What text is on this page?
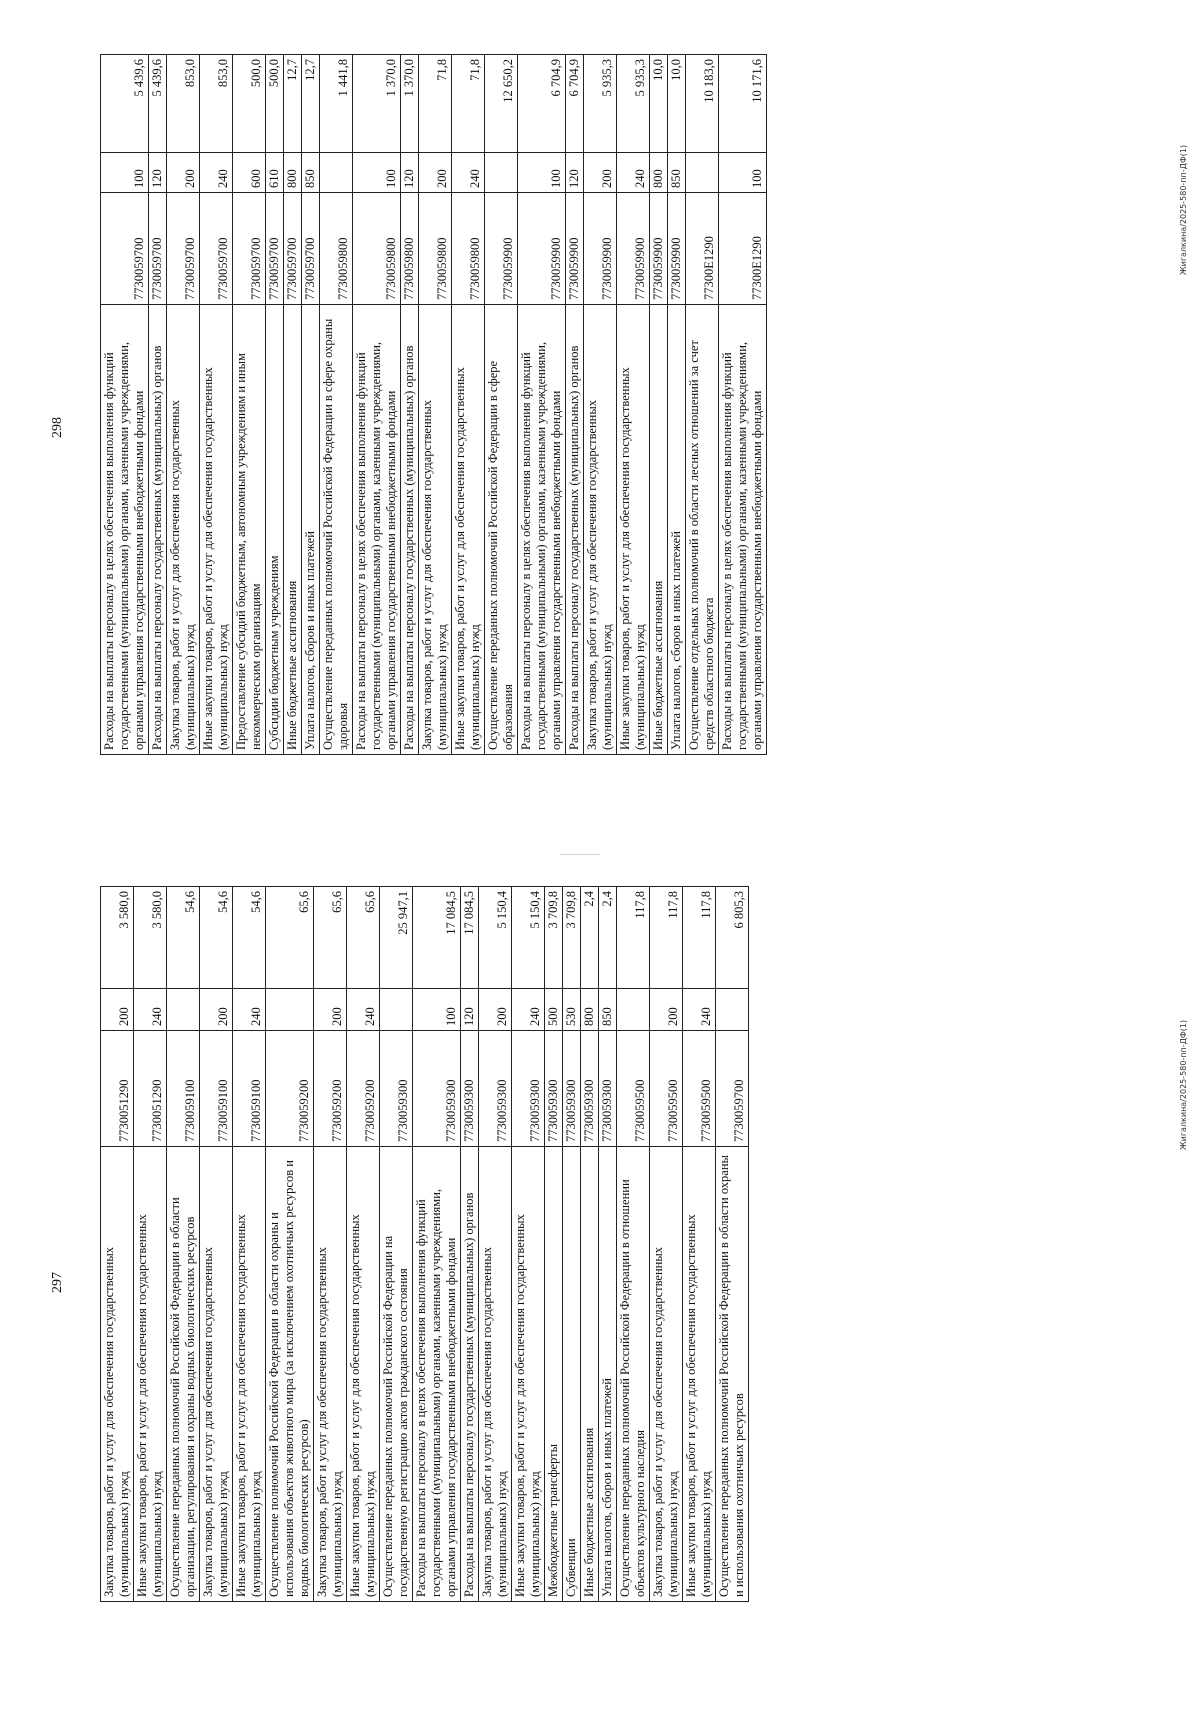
297	Закупка товаров, работ и услуг для обеспечения государственных (муниципальных) нужд	7730051290	200	3 580,0
Иные закупки товаров, работ и услуг для обеспечения государственных (муниципальных) нужд	7730051290	240	3 580,0
Осуществление переданных полномочий Российской Федерации в области организации, регулирования и охраны водных биологических ресурсов	7730059100		54,6
Закупка товаров, работ и услуг для обеспечения государственных (муниципальных) нужд	7730059100	200	54,6
Иные закупки товаров, работ и услуг для обеспечения государственных (муниципальных) нужд	7730059100	240	54,6
Осуществление полномочий Российской Федерации в области охраны и использования объектов животного мира (за исключением охотничьих ресурсов и водных биологических ресурсов)	7730059200		65,6
Закупка товаров, работ и услуг для обеспечения государственных (муниципальных) нужд	7730059200	200	65,6
Иные закупки товаров, работ и услуг для обеспечения государственных (муниципальных) нужд	7730059200	240	65,6
Осуществление переданных полномочий Российской Федерации на государственную регистрацию актов гражданского состояния	7730059300		25 947,1
Расходы на выплаты персоналу в целях обеспечения выполнения функций государственными (муниципальными) органами, казенными учреждениями, органами управления государственными внебюджетными фондами	7730059300	100	17 084,5
Расходы на выплаты персоналу государственных (муниципальных) органов	7730059300	120	17 084,5
Закупка товаров, работ и услуг для обеспечения государственных (муниципальных) нужд	7730059300	200	5 150,4
Иные закупки товаров, работ и услуг для обеспечения государственных (муниципальных) нужд	7730059300	240	5 150,4
Межбюджетные трансферты	7730059300	500	3 709,8
Субвенции	7730059300	530	3 709,8
Иные бюджетные ассигнования	7730059300	800	2,4
Уплата налогов, сборов и иных платежей	7730059300	850	2,4
Осуществление переданных полномочий Российской Федерации в отношении объектов культурного наследия	7730059500		117,8
Закупка товаров, работ и услуг для обеспечения государственных (муниципальных) нужд	7730059500	200	117,8
Иные закупки товаров, работ и услуг для обеспечения государственных (муниципальных) нужд	7730059500	240	117,8
Осуществление переданных полномочий Российской Федерации в области охраны и использования охотничьих ресурсов	7730059700		6 805,3
Жигалкина/2025-580-пп-ДФ(1)
298	Расходы на выплаты персоналу в целях обеспечения выполнения функций государственными (муниципальными) органами, казенными учреждениями, органами управления государственными внебюджетными фондами	7730059700	100	5 439,6
Расходы на выплаты персоналу государственных (муниципальных) органов	7730059700	120	5 439,6
Закупка товаров, работ и услуг для обеспечения государственных (муниципальных) нужд	7730059700	200	853,0
Иные закупки товаров, работ и услуг для обеспечения государственных (муниципальных) нужд	7730059700	240	853,0
Предоставление субсидий бюджетным, автономным учреждениям и иным некоммерческим организациям	7730059700	600	500,0
Субсидии бюджетным учреждениям	7730059700	610	500,0
Иные бюджетные ассигнования	7730059700	800	12,7
Уплата налогов, сборов и иных платежей	7730059700	850	12,7
Осуществление переданных полномочий Российской Федерации в сфере охраны здоровья	7730059800		1 441,8
Расходы на выплаты персоналу в целях обеспечения выполнения функций государственными (муниципальными) органами, казенными учреждениями, органами управления государственными внебюджетными фондами	7730059800	100	1 370,0
Расходы на выплаты персоналу государственных (муниципальных) органов	7730059800	120	1 370,0
Закупка товаров, работ и услуг для обеспечения государственных (муниципальных) нужд	7730059800	200	71,8
Иные закупки товаров, работ и услуг для обеспечения государственных (муниципальных) нужд	7730059800	240	71,8
Осуществление переданных полномочий Российской Федерации в сфере образования	7730059900		12 650,2
Расходы на выплаты персоналу в целях обеспечения выполнения функций государственными (муниципальными) органами, казенными учреждениями, органами управления государственными внебюджетными фондами	7730059900	100	6 704,9
Расходы на выплаты персоналу государственных (муниципальных) органов	7730059900	120	6 704,9
Закупка товаров, работ и услуг для обеспечения государственных (муниципальных) нужд	7730059900	200	5 935,3
Иные закупки товаров, работ и услуг для обеспечения государственных (муниципальных) нужд	7730059900	240	5 935,3
Иные бюджетные ассигнования	7730059900	800	10,0
Уплата налогов, сборов и иных платежей	7730059900	850	10,0
Осуществление отдельных полномочий в области лесных отношений за счет средств областного бюджета	77300Е1290		10 183,0
Расходы на выплаты персоналу в целях обеспечения выполнения функций государственными (муниципальными) органами, казенными учреждениями, органами управления государственными внебюджетными фондами	77300Е1290	100	10 171,6
Жигалкина/2025-580-пп-ДФ(1)
